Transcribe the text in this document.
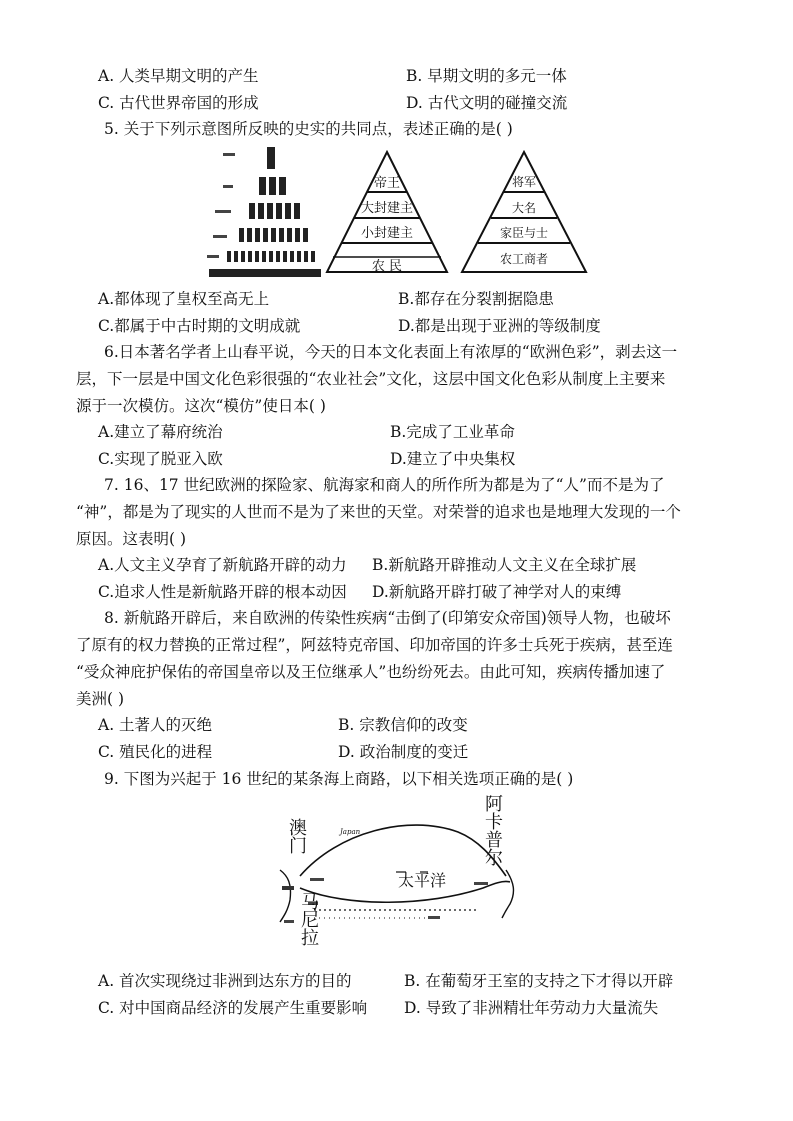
A. 人类早期文明的产生	B. 早期文明的多元一体
C. 古代世界帝国的形成	D. 古代文明的碰撞交流
5. 关于下列示意图所反映的史实的共同点，表述正确的是( )
帝王
大封建主
小封建主
农 民
将军
大名
家臣与士
农工商者
A.都体现了皇权至高无上	B.都存在分裂割据隐患
C.都属于中古时期的文明成就	D.都是出现于亚洲的等级制度
6.日本著名学者上山春平说，今天的日本文化表面上有浓厚的“欧洲色彩”，剥去这一
层，下一层是中国文化色彩很强的“农业社会”文化，这层中国文化色彩从制度上主要来
源于一次模仿。这次“模仿”使日本( )
A.建立了幕府统治	B.完成了工业革命
C.实现了脱亚入欧	D.建立了中央集权
7. 16、17 世纪欧洲的探险家、航海家和商人的所作所为都是为了“人”而不是为了
“神”，都是为了现实的人世而不是为了来世的天堂。对荣誉的追求也是地理大发现的一个
原因。这表明( )
A.人文主义孕育了新航路开辟的动力 B.新航路开辟推动人文主义在全球扩展
C.追求人性是新航路开辟的根本动因 D.新航路开辟打破了神学对人的束缚
8. 新航路开辟后，来自欧洲的传染性疾病“击倒了(印第安众帝国)领导人物，也破坏
了原有的权力替换的正常过程”，阿兹特克帝国、印加帝国的许多士兵死于疾病，甚至连
“受众神庇护保佑的帝国皇帝以及王位继承人”也纷纷死去。由此可知，疾病传播加速了
美洲( )
A. 土著人的灭绝	B. 宗教信仰的改变
C. 殖民化的进程	D. 政治制度的变迁
9. 下图为兴起于 16 世纪的某条海上商路，以下相关选项正确的是( )
Japan
太平洋
澳门	阿卡普尔
马尼拉
A. 首次实现绕过非洲到达东方的目的	B. 在葡萄牙王室的支持之下才得以开辟
C. 对中国商品经济的发展产生重要影响 D. 导致了非洲精壮年劳动力大量流失
